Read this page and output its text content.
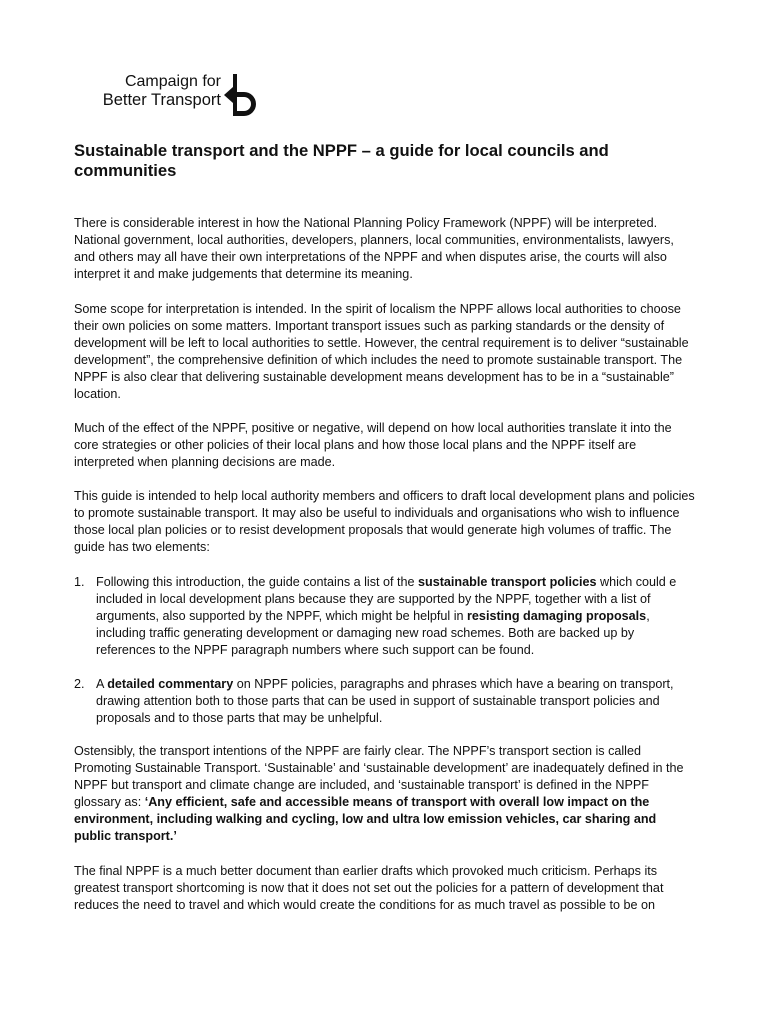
Campaign for
Better Transport
Sustainable transport and the NPPF – a guide for local councils and communities

There is considerable interest in how the National Planning Policy Framework (NPPF) will be interpreted. National government, local authorities, developers, planners, local communities, environmentalists, lawyers, and others may all have their own interpretations of the NPPF and when disputes arise, the courts will also interpret it and make judgements that determine its meaning.

Some scope for interpretation is intended. In the spirit of localism the NPPF allows local authorities to choose their own policies on some matters. Important transport issues such as parking standards or the density of development will be left to local authorities to settle. However, the central requirement is to deliver “sustainable development”, the comprehensive definition of which includes the need to promote sustainable transport. The NPPF is also clear that delivering sustainable development means development has to be in a “sustainable” location.

Much of the effect of the NPPF, positive or negative, will depend on how local authorities translate it into the core strategies or other policies of their local plans and how those local plans and the NPPF itself are interpreted when planning decisions are made.

This guide is intended to help local authority members and officers to draft local development plans and policies to promote sustainable transport. It may also be useful to individuals and organisations who wish to influence those local plan policies or to resist development proposals that would generate high volumes of traffic. The guide has two elements:

1. Following this introduction, the guide contains a list of the sustainable transport policies which could e included in local development plans because they are supported by the NPPF, together with a list of arguments, also supported by the NPPF, which might be helpful in resisting damaging proposals, including traffic generating development or damaging new road schemes. Both are backed up by references to the NPPF paragraph numbers where such support can be found.
2. A detailed commentary on NPPF policies, paragraphs and phrases which have a bearing on transport, drawing attention both to those parts that can be used in support of sustainable transport policies and proposals and to those parts that may be unhelpful.

Ostensibly, the transport intentions of the NPPF are fairly clear. The NPPF’s transport section is called Promoting Sustainable Transport. ‘Sustainable’ and ‘sustainable development’ are inadequately defined in the NPPF but transport and climate change are included, and ‘sustainable transport’ is defined in the NPPF glossary as: ‘Any efficient, safe and accessible means of transport with overall low impact on the environment, including walking and cycling, low and ultra low emission vehicles, car sharing and public transport.’

The final NPPF is a much better document than earlier drafts which provoked much criticism. Perhaps its greatest transport shortcoming is now that it does not set out the policies for a pattern of development that reduces the need to travel and which would create the conditions for as much travel as possible to be on
